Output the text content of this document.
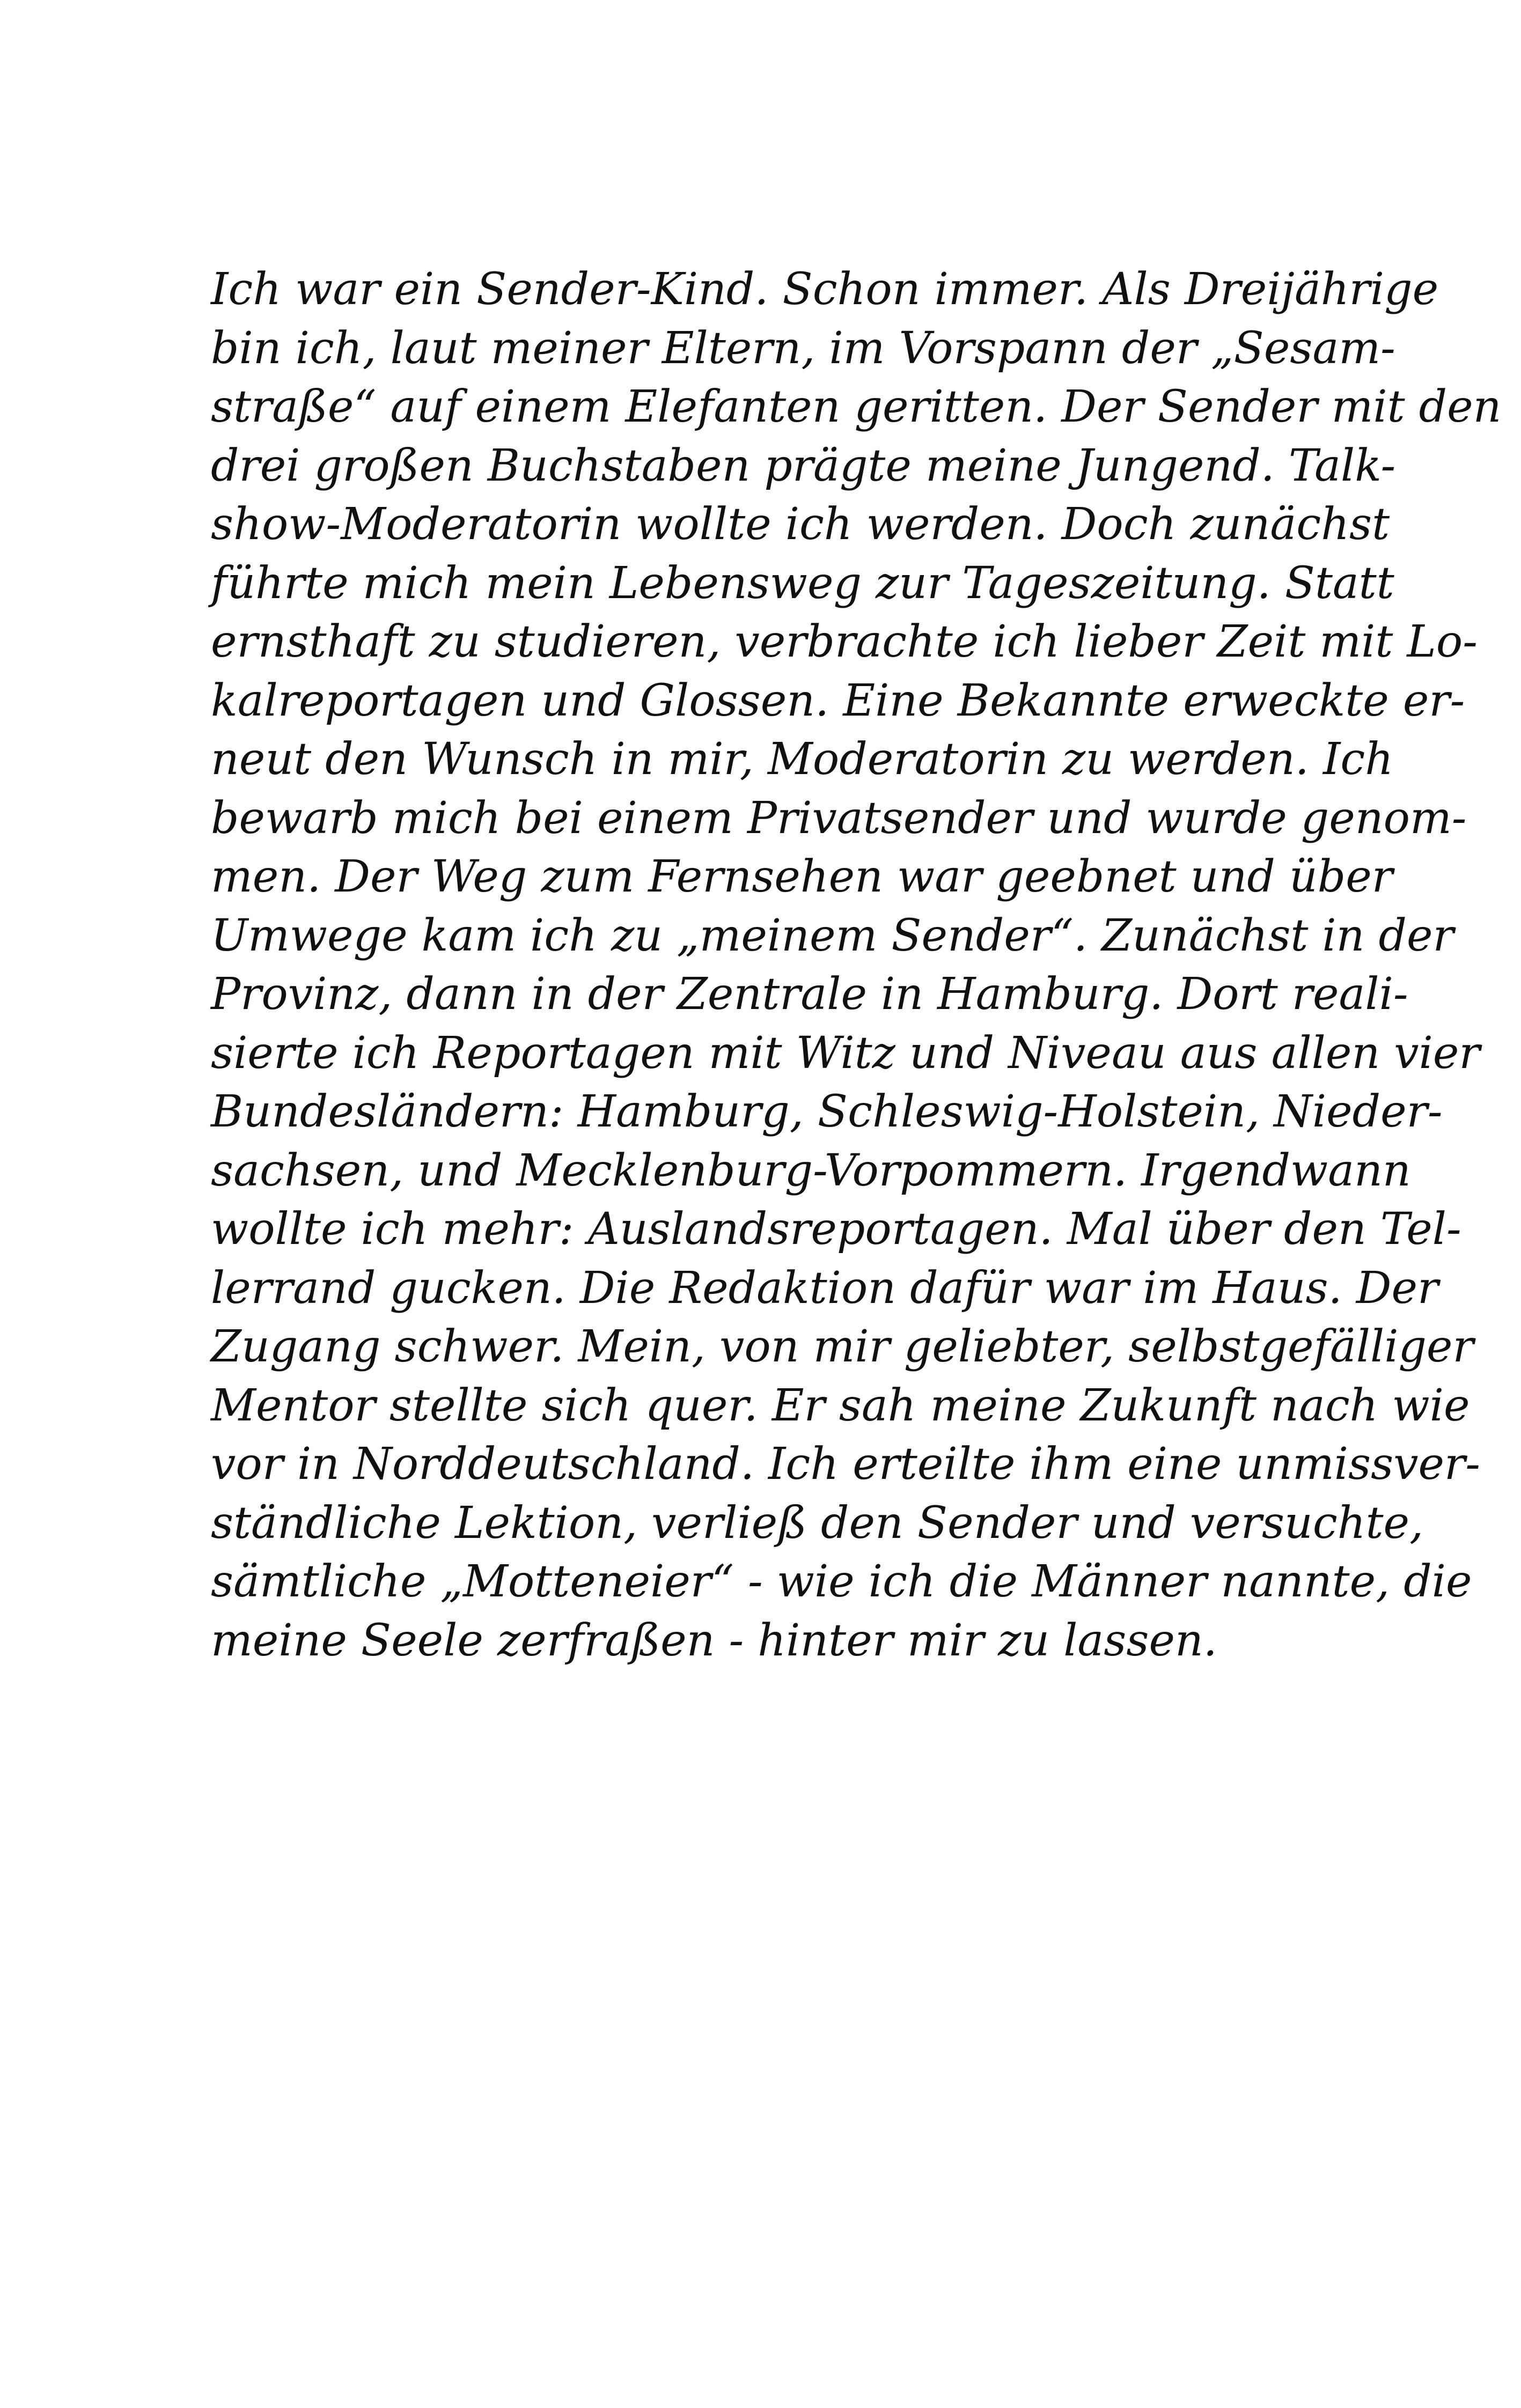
Ich war ein Sender-Kind. Schon immer. Als Dreijährige
bin ich, laut meiner Eltern, im Vorspann der „Sesam-
straße“ auf einem Elefanten geritten. Der Sender mit den
drei großen Buchstaben prägte meine Jungend. Talk-
show-Moderatorin wollte ich werden. Doch zunächst
führte mich mein Lebensweg zur Tageszeitung. Statt
ernsthaft zu studieren, verbrachte ich lieber Zeit mit Lo-
kalreportagen und Glossen. Eine Bekannte erweckte er-
neut den Wunsch in mir, Moderatorin zu werden. Ich
bewarb mich bei einem Privatsender und wurde genom-
men. Der Weg zum Fernsehen war geebnet und über
Umwege kam ich zu „meinem Sender“. Zunächst in der
Provinz, dann in der Zentrale in Hamburg. Dort reali-
sierte ich Reportagen mit Witz und Niveau aus allen vier
Bundesländern: Hamburg, Schleswig-Holstein, Nieder-
sachsen, und Mecklenburg-Vorpommern. Irgendwann
wollte ich mehr: Auslandsreportagen. Mal über den Tel-
lerrand gucken. Die Redaktion dafür war im Haus. Der
Zugang schwer. Mein, von mir geliebter, selbstgefälliger
Mentor stellte sich quer. Er sah meine Zukunft nach wie
vor in Norddeutschland. Ich erteilte ihm eine unmissver-
ständliche Lektion, verließ den Sender und versuchte,
sämtliche „Motteneier“ - wie ich die Männer nannte, die
meine Seele zerfraßen - hinter mir zu lassen.
